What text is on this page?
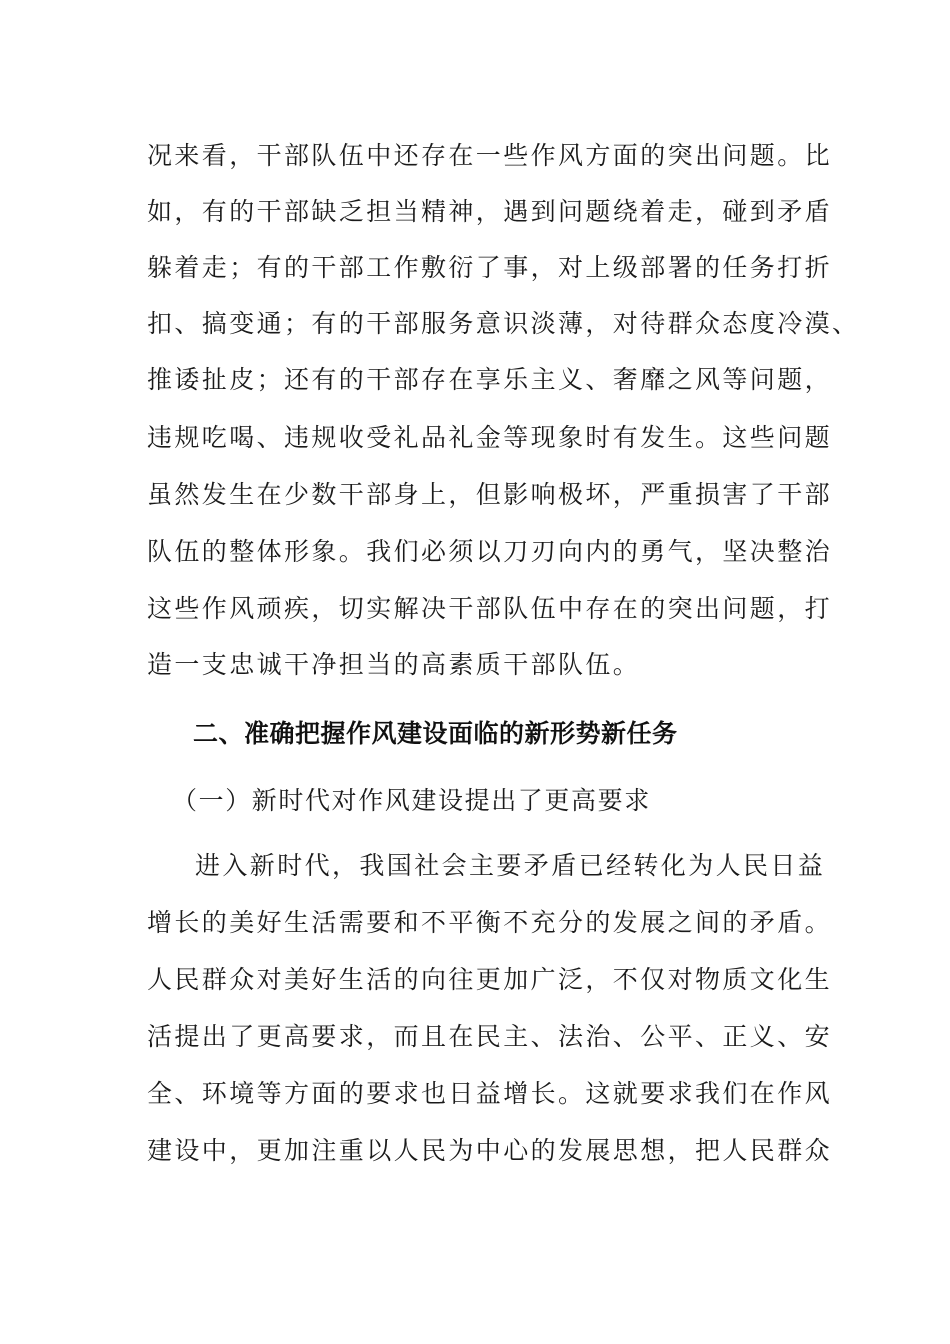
况来看，干部队伍中还存在一些作风方面的突出问题。比
如，有的干部缺乏担当精神，遇到问题绕着走，碰到矛盾
躲着走；有的干部工作敷衍了事，对上级部署的任务打折
扣、搞变通；有的干部服务意识淡薄，对待群众态度冷漠、
推诿扯皮；还有的干部存在享乐主义、奢靡之风等问题，
违规吃喝、违规收受礼品礼金等现象时有发生。这些问题
虽然发生在少数干部身上，但影响极坏，严重损害了干部
队伍的整体形象。我们必须以刀刃向内的勇气，坚决整治
这些作风顽疾，切实解决干部队伍中存在的突出问题，打
造一支忠诚干净担当的高素质干部队伍。
二、准确把握作风建设面临的新形势新任务
（一）新时代对作风建设提出了更高要求
进入新时代，我国社会主要矛盾已经转化为人民日益
增长的美好生活需要和不平衡不充分的发展之间的矛盾。
人民群众对美好生活的向往更加广泛，不仅对物质文化生
活提出了更高要求，而且在民主、法治、公平、正义、安
全、环境等方面的要求也日益增长。这就要求我们在作风
建设中，更加注重以人民为中心的发展思想，把人民群众
